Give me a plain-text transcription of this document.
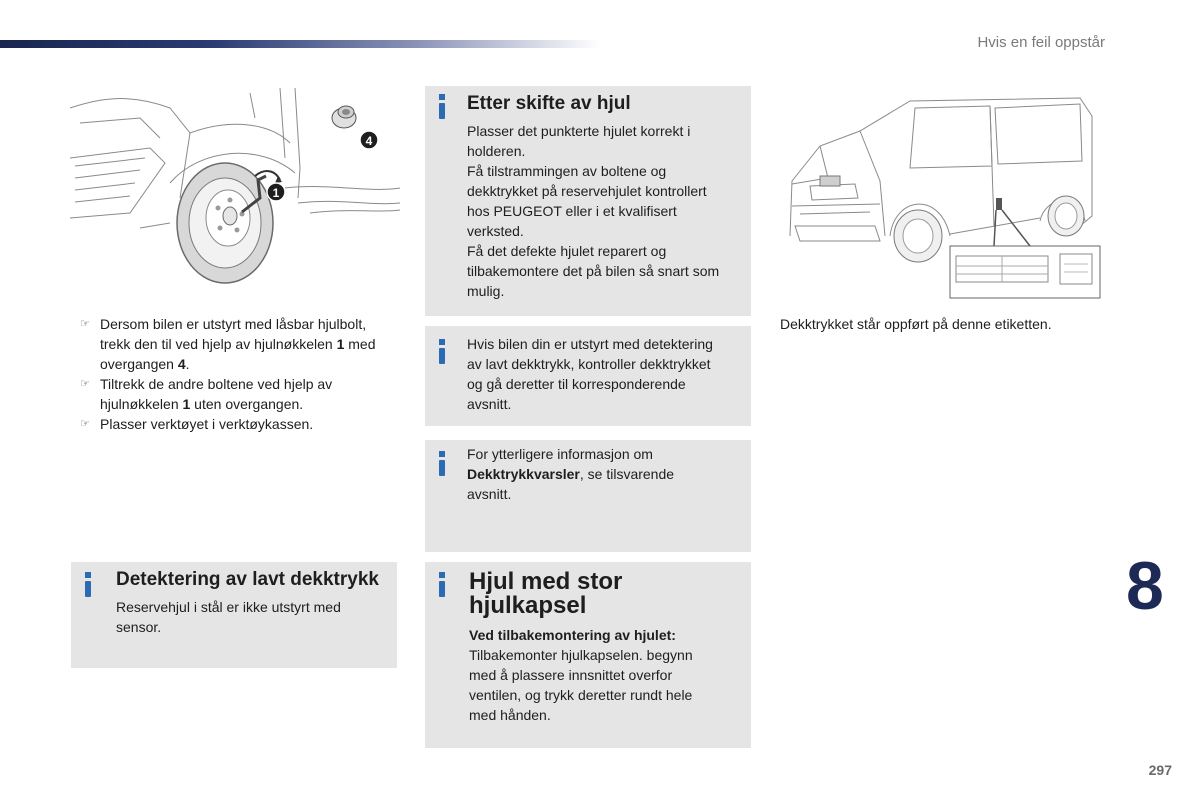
Hvis en feil oppstår
1
4
☞ Dersom bilen er utstyrt med låsbar hjulbolt, trekk den til ved hjelp av hjulnøkkelen 1 med overgangen 4.
☞ Tiltrekk de andre boltene ved hjelp av hjulnøkkelen 1 uten overgangen.
☞ Plasser verktøyet i verktøykassen.
Etter skifte av hjul
Plasser det punkterte hjulet korrekt i
holderen.
Få tilstrammingen av boltene og
dekktrykket på reservehjulet kontrollert
hos PEUGEOT eller i et kvalifisert
verksted.
Få det defekte hjulet reparert og
tilbakemontere det på bilen så snart som
mulig.
Hvis bilen din er utstyrt med detektering
av lavt dekktrykk, kontroller dekktrykket
og gå deretter til korresponderende
avsnitt.
For ytterligere informasjon om
Dekktrykkvarsler, se tilsvarende
avsnitt.
Detektering av lavt dekktrykk
Reservehjul i stål er ikke utstyrt med
sensor.
Hjul med stor
hjulkapsel
Ved tilbakemontering av hjulet:
Tilbakemonter hjulkapselen. begynn
med å plassere innsnittet overfor
ventilen, og trykk deretter rundt hele
med hånden.
Dekktrykket står oppført på denne etiketten.
8
297
